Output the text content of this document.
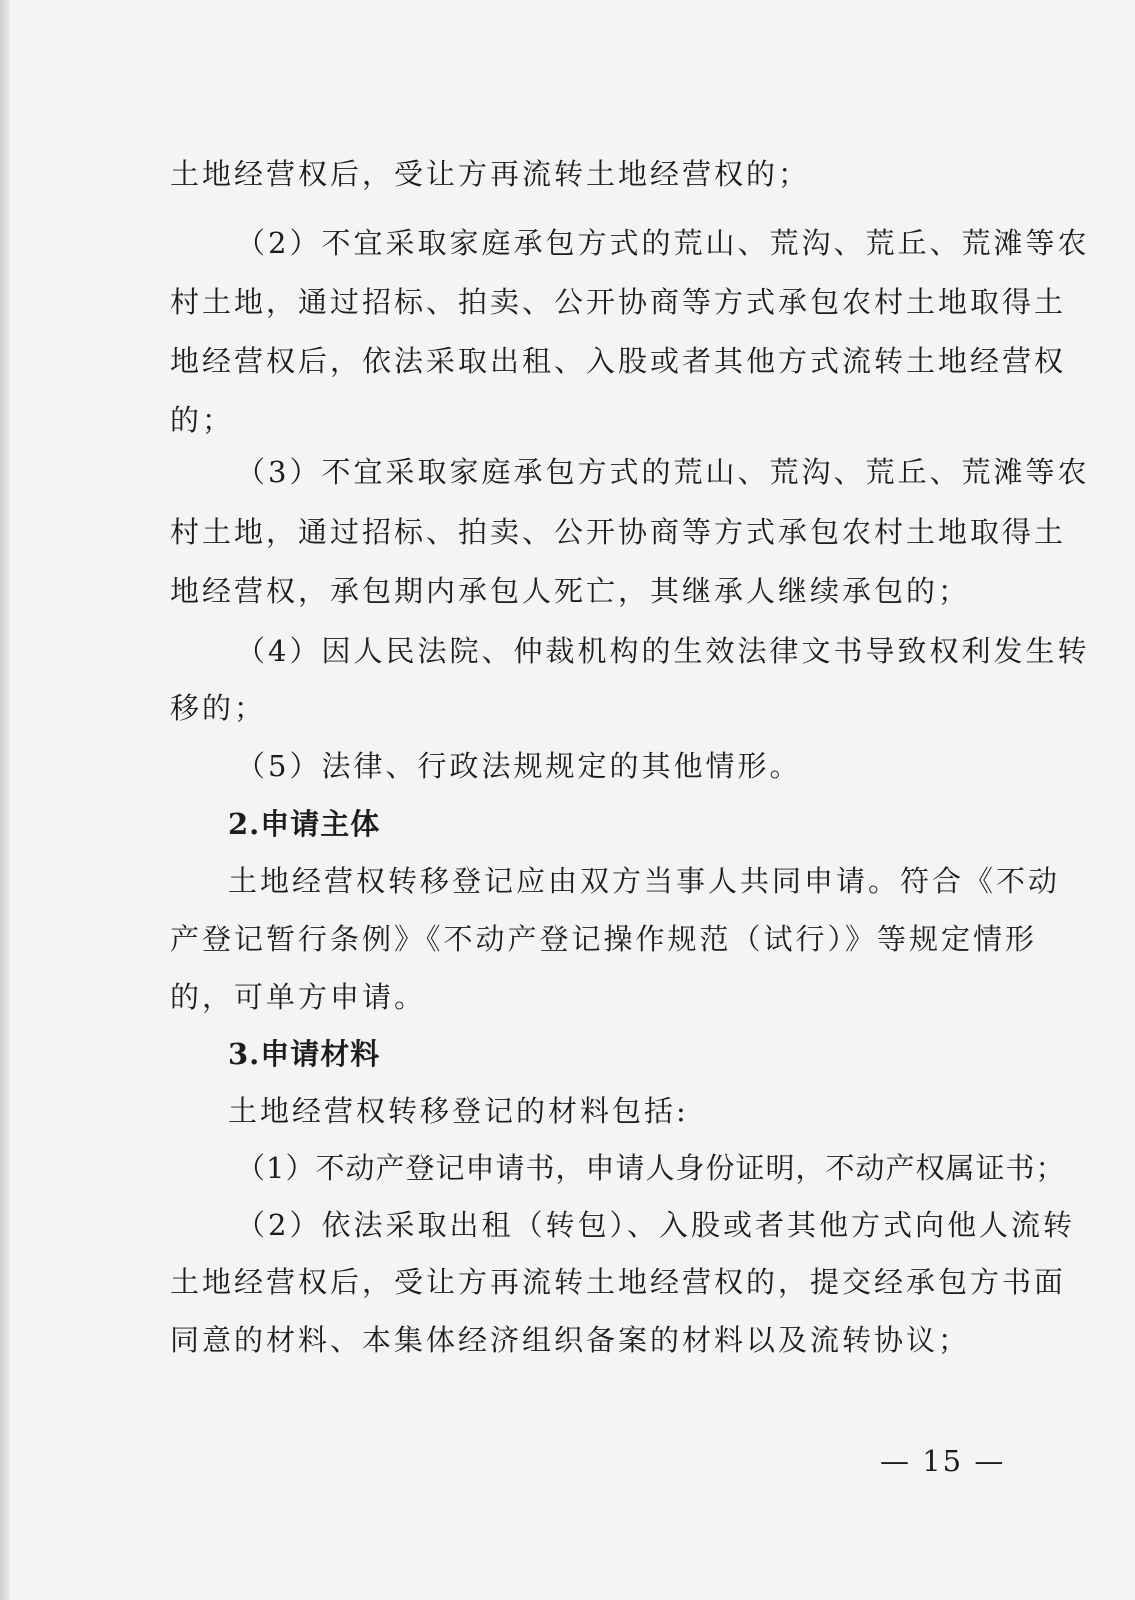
土地经营权后，受让方再流转土地经营权的；
（2）不宜采取家庭承包方式的荒山、荒沟、荒丘、荒滩等农
村土地，通过招标、拍卖、公开协商等方式承包农村土地取得土
地经营权后，依法采取出租、入股或者其他方式流转土地经营权
的；
（3）不宜采取家庭承包方式的荒山、荒沟、荒丘、荒滩等农
村土地，通过招标、拍卖、公开协商等方式承包农村土地取得土
地经营权，承包期内承包人死亡，其继承人继续承包的；
（4）因人民法院、仲裁机构的生效法律文书导致权利发生转
移的；
（5）法律、行政法规规定的其他情形。
2.申请主体
土地经营权转移登记应由双方当事人共同申请。符合《不动
产登记暂行条例》《不动产登记操作规范（试行）》等规定情形
的，可单方申请。
3.申请材料
土地经营权转移登记的材料包括:
（1）不动产登记申请书，申请人身份证明，不动产权属证书；
（2）依法采取出租（转包）、入股或者其他方式向他人流转
土地经营权后，受让方再流转土地经营权的，提交经承包方书面
同意的材料、本集体经济组织备案的材料以及流转协议；
— 15 —
